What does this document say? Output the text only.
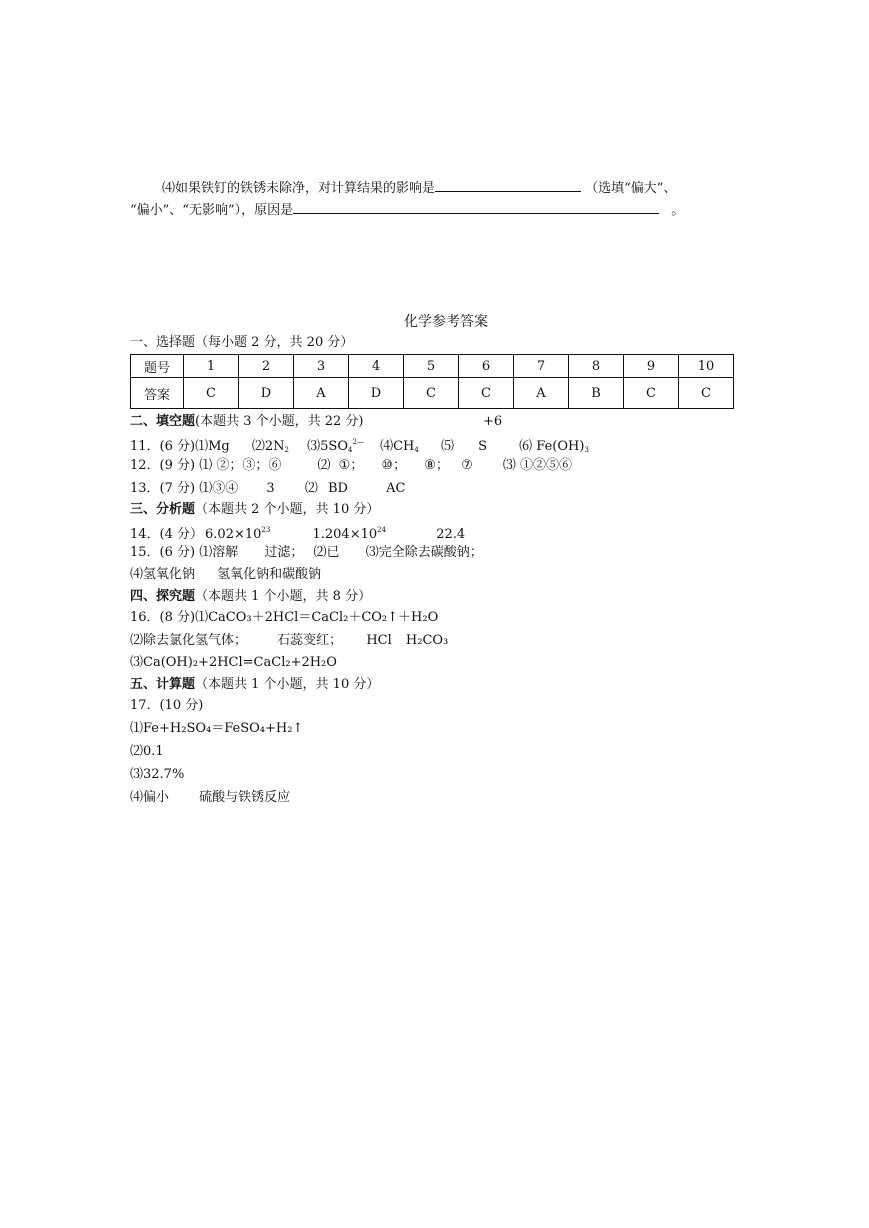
⑷如果铁钉的铁锈未除净，对计算结果的影响是	（选填“偏大”、
“偏小”、“无影响”），原因是	。
化学参考答案
一、选择题（每小题 2 分，共 20 分）
题号	1	2	3	4	5	6	7	8	9	10
答案	C	D	A	D	C	C	A	B	C	C
二、填空题(本题共 3 个小题，共 22 分)	+6
11．(6 分)⑴Mg $⑵2N_2$ $⑶5SO_4^{2—}$ $⑷CH_4$ ⑸ S ⑹ $Fe(OH)_3$
12．(9 分) ⑴ ②；③；⑥	⑵ ①； ⑩； ⑧； ⑦ ⑶ ①②⑤⑥
13．(7 分) ⑴③④ 3 ⑵ BD	AC
三、分析题（本题共 2 个小题，共 10 分）
14．(4 分） $6.02\times 10^{23}$	$1.204\times 10^{24}$	22.4
15．(6 分) ⑴溶解 过滤； ⑵已 ⑶完全除去碳酸钠；
⑷氢氧化钠 氢氧化钠和碳酸钠
四、探究题（本题共 1 个小题，共 8 分）
16．(8 分)⑴CaCO₃＋2HCl＝CaCl₂＋CO₂↑＋H₂O
⑵除去氯化氢气体； 石蕊变红； HCl H₂CO₃
⑶Ca(OH)₂+2HCl=CaCl₂+2H₂O
五、计算题（本题共 1 个小题，共 10 分）
17．(10 分)
⑴Fe+H₂SO₄＝FeSO₄+H₂↑
⑵0.1
⑶32.7%
⑷偏小 硫酸与铁锈反应
